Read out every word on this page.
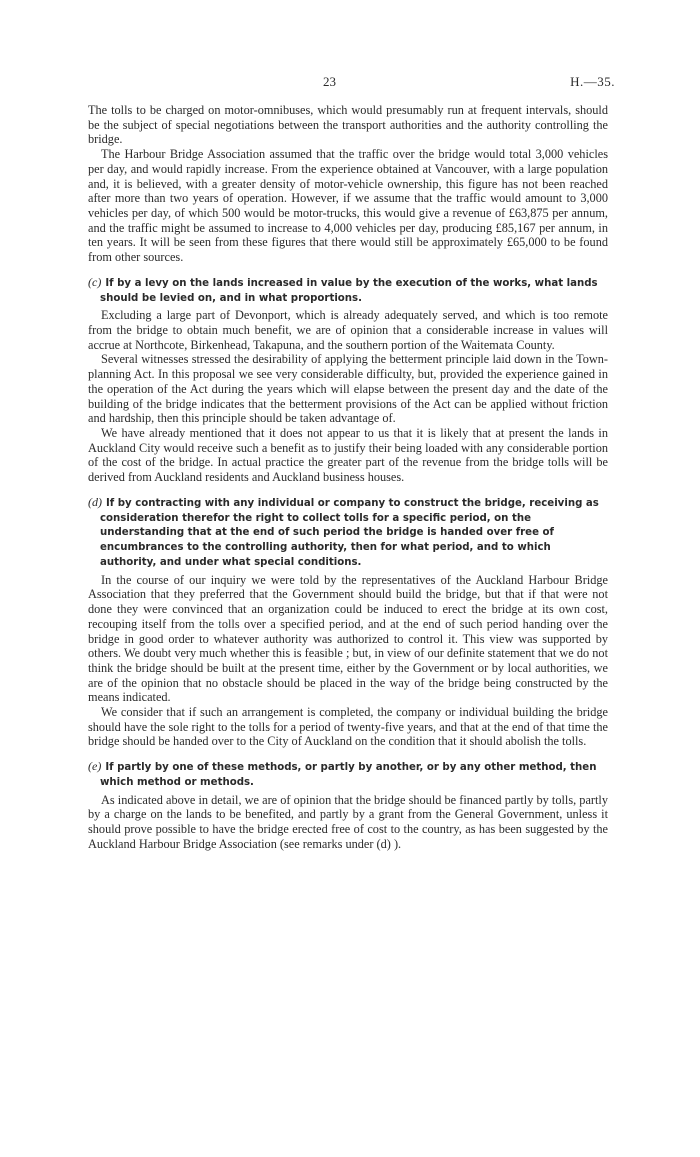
23	H.—35.

The tolls to be charged on motor-omnibuses, which would presumably run at frequent intervals, should be the subject of special negotiations between the transport authorities and the authority controlling the bridge.

The Harbour Bridge Association assumed that the traffic over the bridge would total 3,000 vehicles per day, and would rapidly increase. From the experience obtained at Vancouver, with a large population and, it is believed, with a greater density of motor-vehicle ownership, this figure has not been reached after more than two years of operation. However, if we assume that the traffic would amount to 3,000 vehicles per day, of which 500 would be motor-trucks, this would give a revenue of £63,875 per annum, and the traffic might be assumed to increase to 4,000 vehicles per day, producing £85,167 per annum, in ten years. It will be seen from these figures that there would still be approximately £65,000 to be found from other sources.

(c) If by a levy on the lands increased in value by the execution of the works, what lands should be levied on, and in what proportions.

Excluding a large part of Devonport, which is already adequately served, and which is too remote from the bridge to obtain much benefit, we are of opinion that a considerable increase in values will accrue at Northcote, Birkenhead, Takapuna, and the southern portion of the Waitemata County.

Several witnesses stressed the desirability of applying the betterment principle laid down in the Town-planning Act. In this proposal we see very considerable difficulty, but, provided the experience gained in the operation of the Act during the years which will elapse between the present day and the date of the building of the bridge indicates that the betterment provisions of the Act can be applied without friction and hardship, then this principle should be taken advantage of.

We have already mentioned that it does not appear to us that it is likely that at present the lands in Auckland City would receive such a benefit as to justify their being loaded with any considerable portion of the cost of the bridge. In actual practice the greater part of the revenue from the bridge tolls will be derived from Auckland residents and Auckland business houses.

(d) If by contracting with any individual or company to construct the bridge, receiving as consideration therefor the right to collect tolls for a specific period, on the understanding that at the end of such period the bridge is handed over free of encumbrances to the controlling authority, then for what period, and to which authority, and under what special conditions.

In the course of our inquiry we were told by the representatives of the Auckland Harbour Bridge Association that they preferred that the Government should build the bridge, but that if that were not done they were convinced that an organization could be induced to erect the bridge at its own cost, recouping itself from the tolls over a specified period, and at the end of such period handing over the bridge in good order to whatever authority was authorized to control it. This view was supported by others. We doubt very much whether this is feasible ; but, in view of our definite statement that we do not think the bridge should be built at the present time, either by the Government or by local authorities, we are of the opinion that no obstacle should be placed in the way of the bridge being constructed by the means indicated.

We consider that if such an arrangement is completed, the company or individual building the bridge should have the sole right to the tolls for a period of twenty-five years, and that at the end of that time the bridge should be handed over to the City of Auckland on the condition that it should abolish the tolls.

(e) If partly by one of these methods, or partly by another, or by any other method, then which method or methods.

As indicated above in detail, we are of opinion that the bridge should be financed partly by tolls, partly by a charge on the lands to be benefited, and partly by a grant from the General Government, unless it should prove possible to have the bridge erected free of cost to the country, as has been suggested by the Auckland Harbour Bridge Association (see remarks under (d) ).
